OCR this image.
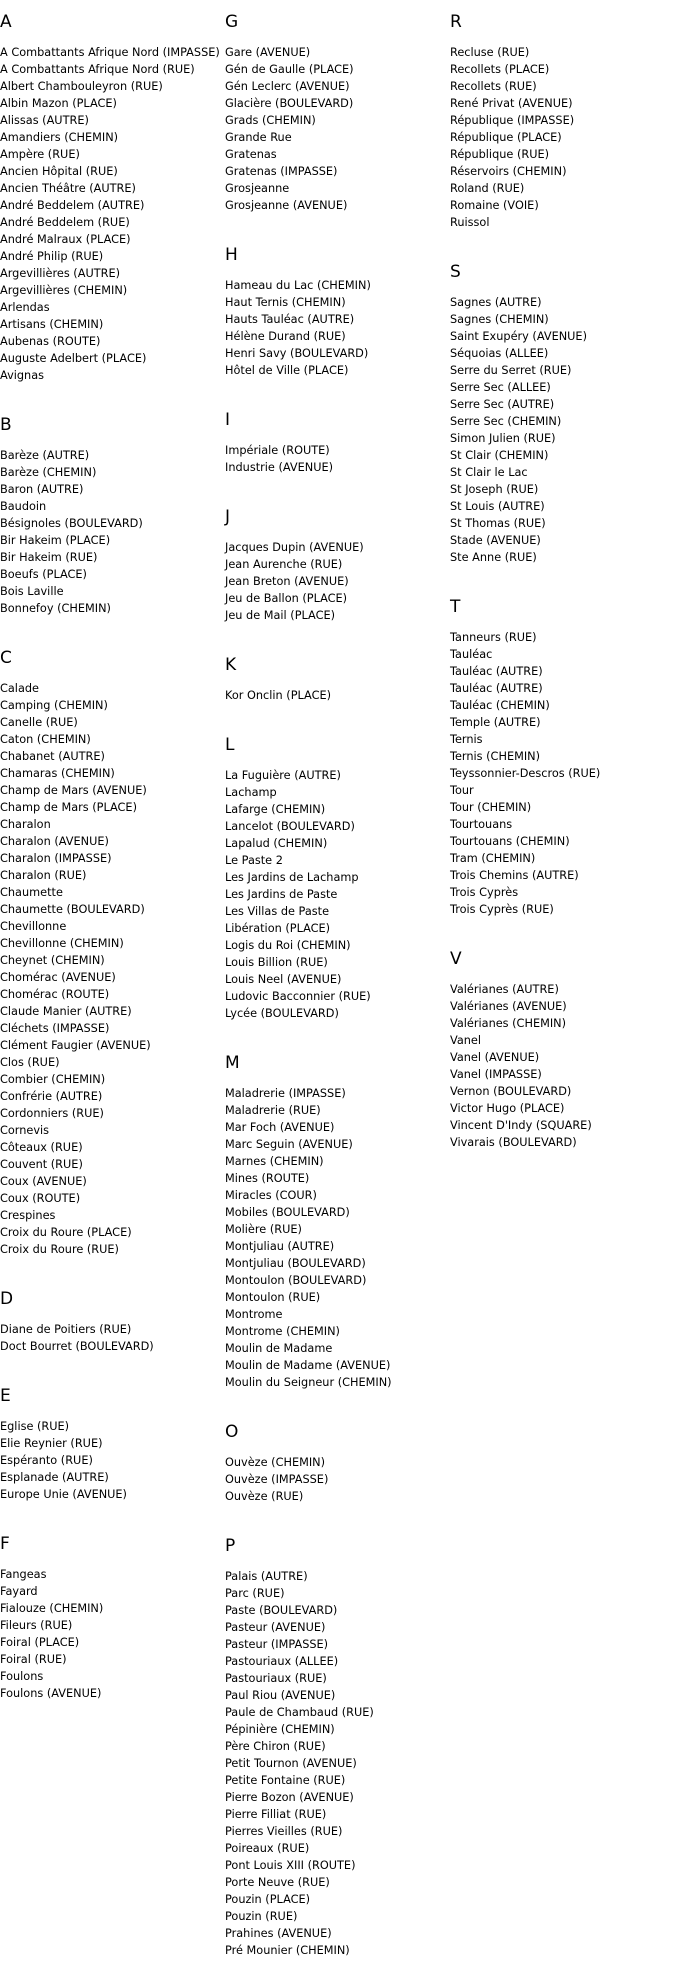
A
A Combattants Afrique Nord (IMPASSE)
A Combattants Afrique Nord (RUE)
Albert Chambouleyron (RUE)
Albin Mazon (PLACE)
Alissas (AUTRE)
Amandiers (CHEMIN)
Ampère (RUE)
Ancien Hôpital (RUE)
Ancien Théâtre (AUTRE)
André Beddelem (AUTRE)
André Beddelem (RUE)
André Malraux (PLACE)
André Philip (RUE)
Argevillières (AUTRE)
Argevillières (CHEMIN)
Arlendas
Artisans (CHEMIN)
Aubenas (ROUTE)
Auguste Adelbert (PLACE)
Avignas
B
Barèze (AUTRE)
Barèze (CHEMIN)
Baron (AUTRE)
Baudoin
Bésignoles (BOULEVARD)
Bir Hakeim (PLACE)
Bir Hakeim (RUE)
Boeufs (PLACE)
Bois Laville
Bonnefoy (CHEMIN)
C
Calade
Camping (CHEMIN)
Canelle (RUE)
Caton (CHEMIN)
Chabanet (AUTRE)
Chamaras (CHEMIN)
Champ de Mars (AVENUE)
Champ de Mars (PLACE)
Charalon
Charalon (AVENUE)
Charalon (IMPASSE)
Charalon (RUE)
Chaumette
Chaumette (BOULEVARD)
Chevillonne
Chevillonne (CHEMIN)
Cheynet (CHEMIN)
Chomérac (AVENUE)
Chomérac (ROUTE)
Claude Manier (AUTRE)
Cléchets (IMPASSE)
Clément Faugier (AVENUE)
Clos (RUE)
Combier (CHEMIN)
Confrérie (AUTRE)
Cordonniers (RUE)
Cornevis
Côteaux (RUE)
Couvent (RUE)
Coux (AVENUE)
Coux (ROUTE)
Crespines
Croix du Roure (PLACE)
Croix du Roure (RUE)
D
Diane de Poitiers (RUE)
Doct Bourret (BOULEVARD)
E
Eglise (RUE)
Elie Reynier (RUE)
Espéranto (RUE)
Esplanade (AUTRE)
Europe Unie (AVENUE)
F
Fangeas
Fayard
Fialouze (CHEMIN)
Fileurs (RUE)
Foiral (PLACE)
Foiral (RUE)
Foulons
Foulons (AVENUE)
G
Gare (AVENUE)
Gén de Gaulle (PLACE)
Gén Leclerc (AVENUE)
Glacière (BOULEVARD)
Grads (CHEMIN)
Grande Rue
Gratenas
Gratenas (IMPASSE)
Grosjeanne
Grosjeanne (AVENUE)
H
Hameau du Lac (CHEMIN)
Haut Ternis (CHEMIN)
Hauts Tauléac (AUTRE)
Hélène Durand (RUE)
Henri Savy (BOULEVARD)
Hôtel de Ville (PLACE)
I
Impériale (ROUTE)
Industrie (AVENUE)
J
Jacques Dupin (AVENUE)
Jean Aurenche (RUE)
Jean Breton (AVENUE)
Jeu de Ballon (PLACE)
Jeu de Mail (PLACE)
K
Kor Onclin (PLACE)
L
La Fuguière (AUTRE)
Lachamp
Lafarge (CHEMIN)
Lancelot (BOULEVARD)
Lapalud (CHEMIN)
Le Paste 2
Les Jardins de Lachamp
Les Jardins de Paste
Les Villas de Paste
Libération (PLACE)
Logis du Roi (CHEMIN)
Louis Billion (RUE)
Louis Neel (AVENUE)
Ludovic Bacconnier (RUE)
Lycée (BOULEVARD)
M
Maladrerie (IMPASSE)
Maladrerie (RUE)
Mar Foch (AVENUE)
Marc Seguin (AVENUE)
Marnes (CHEMIN)
Mines (ROUTE)
Miracles (COUR)
Mobiles (BOULEVARD)
Molière (RUE)
Montjuliau (AUTRE)
Montjuliau (BOULEVARD)
Montoulon (BOULEVARD)
Montoulon (RUE)
Montrome
Montrome (CHEMIN)
Moulin de Madame
Moulin de Madame (AVENUE)
Moulin du Seigneur (CHEMIN)
O
Ouvèze (CHEMIN)
Ouvèze (IMPASSE)
Ouvèze (RUE)
P
Palais (AUTRE)
Parc (RUE)
Paste (BOULEVARD)
Pasteur (AVENUE)
Pasteur (IMPASSE)
Pastouriaux (ALLEE)
Pastouriaux (RUE)
Paul Riou (AVENUE)
Paule de Chambaud (RUE)
Pépinière (CHEMIN)
Père Chiron (RUE)
Petit Tournon (AVENUE)
Petite Fontaine (RUE)
Pierre Bozon (AVENUE)
Pierre Filliat (RUE)
Pierres Vieilles (RUE)
Poireaux (RUE)
Pont Louis XIII (ROUTE)
Porte Neuve (RUE)
Pouzin (PLACE)
Pouzin (RUE)
Prahines (AVENUE)
Pré Mounier (CHEMIN)
R
Recluse (RUE)
Recollets (PLACE)
Recollets (RUE)
René Privat (AVENUE)
République (IMPASSE)
République (PLACE)
République (RUE)
Réservoirs (CHEMIN)
Roland (RUE)
Romaine (VOIE)
Ruissol
S
Sagnes (AUTRE)
Sagnes (CHEMIN)
Saint Exupéry (AVENUE)
Séquoias (ALLEE)
Serre du Serret (RUE)
Serre Sec (ALLEE)
Serre Sec (AUTRE)
Serre Sec (CHEMIN)
Simon Julien (RUE)
St Clair (CHEMIN)
St Clair le Lac
St Joseph (RUE)
St Louis (AUTRE)
St Thomas (RUE)
Stade (AVENUE)
Ste Anne (RUE)
T
Tanneurs (RUE)
Tauléac
Tauléac (AUTRE)
Tauléac (AUTRE)
Tauléac (CHEMIN)
Temple (AUTRE)
Ternis
Ternis (CHEMIN)
Teyssonnier-Descros (RUE)
Tour
Tour (CHEMIN)
Tourtouans
Tourtouans (CHEMIN)
Tram (CHEMIN)
Trois Chemins (AUTRE)
Trois Cyprès
Trois Cyprès (RUE)
V
Valérianes (AUTRE)
Valérianes (AVENUE)
Valérianes (CHEMIN)
Vanel
Vanel (AVENUE)
Vanel (IMPASSE)
Vernon (BOULEVARD)
Victor Hugo (PLACE)
Vincent D'Indy (SQUARE)
Vivarais (BOULEVARD)
